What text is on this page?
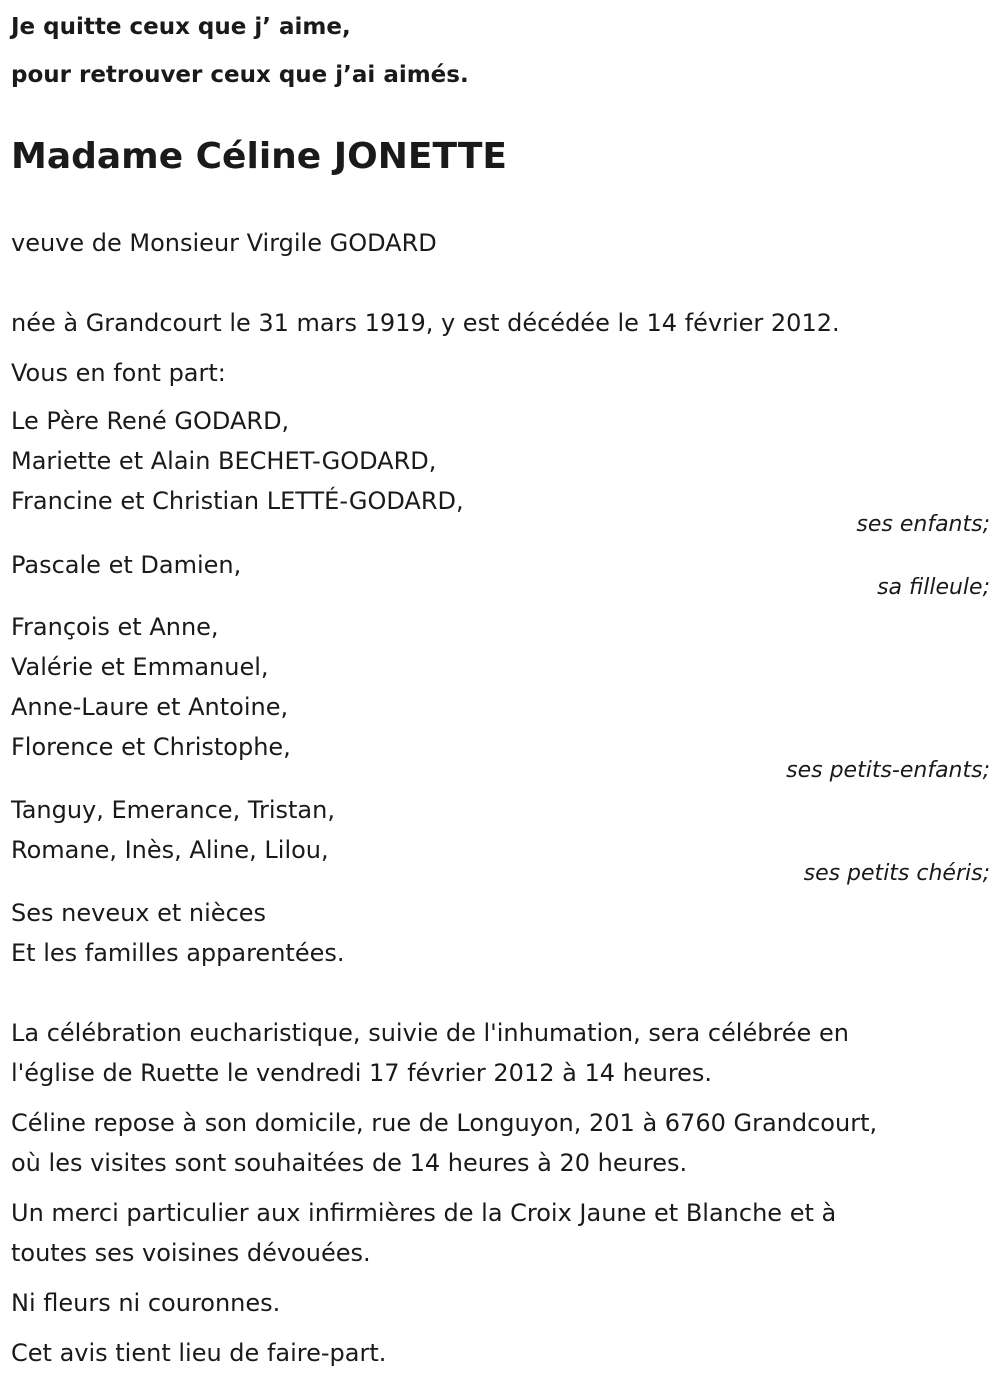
Je quitte ceux que j’ aime,
pour retrouver ceux que j’ai aimés.
Madame Céline JONETTE
veuve de Monsieur Virgile GODARD
née à Grandcourt le 31 mars 1919, y est décédée le 14 février 2012.
Vous en font part:
Le Père René GODARD,
Mariette et Alain BECHET-GODARD,
Francine et Christian LETTÉ-GODARD,
ses enfants;
Pascale et Damien,
sa filleule;
François et Anne,
Valérie et Emmanuel,
Anne-Laure et Antoine,
Florence et Christophe,
ses petits-enfants;
Tanguy, Emerance, Tristan,
Romane, Inès, Aline, Lilou,
ses petits chéris;
Ses neveux et nièces
Et les familles apparentées.
La célébration eucharistique, suivie de l'inhumation, sera célébrée en
l'église de Ruette le vendredi 17 février 2012 à 14 heures.
Céline repose à son domicile, rue de Longuyon, 201 à 6760 Grandcourt,
où les visites sont souhaitées de 14 heures à 20 heures.
Un merci particulier aux infirmières de la Croix Jaune et Blanche et à
toutes ses voisines dévouées.
Ni fleurs ni couronnes.
Cet avis tient lieu de faire-part.
